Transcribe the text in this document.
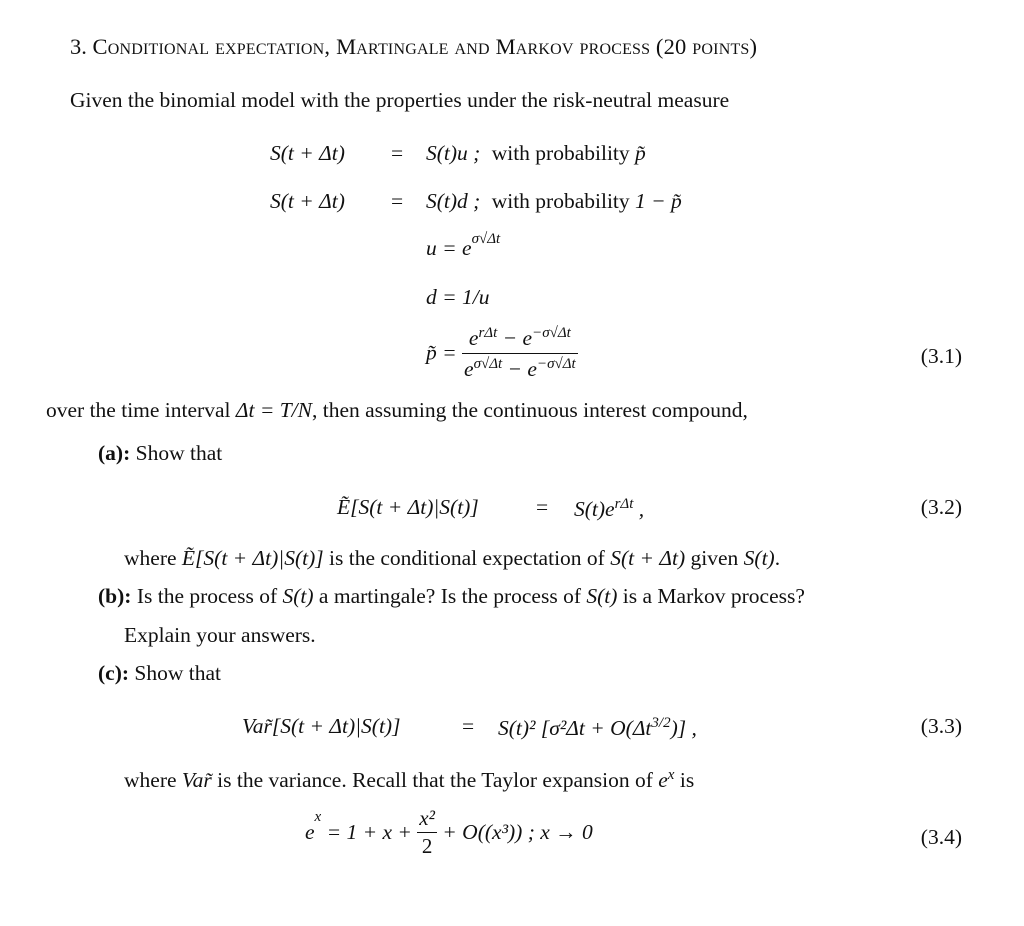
3. Conditional expectation, Martingale and Markov process (20 points)
Given the binomial model with the properties under the risk-neutral measure
S(t + Δt) = S(t)u ; with probability p̃
S(t + Δt) = S(t)d ; with probability 1 − p̃
$u = e^{\sigma√\Delta t}$
d = 1/u
p̃ = $\frac{e^{r\Delta t} - e^{-\sigma√\Delta t}}{e^{\sigma√\Delta t} - e^{-\sigma√\Delta t}}$	(3.1)
over the time interval Δt = T/N, then assuming the continuous interest compound,
(a): Show that
Ẽ[S(t + Δt)|S(t)]	= $S(t)e^{r\Delta t}$ ,	(3.2)
where Ẽ[S(t + Δt)|S(t)] is the conditional expectation of S(t + Δt) given S(t).
(b): Is the process of S(t) a martingale? Is the process of S(t) is a Markov process?
Explain your answers.
(c): Show that
Var̃[S(t + Δt)|S(t)]	= S(t)² $[\sigma^2\Delta t + O(\Delta t^{3/2})]$ ,	(3.3)
where Var̃ is the variance. Recall that the Taylor expansion of $e^x$ is
$e^x = 1 + x + \frac{\text{x²}}{2} + O((x^3))$ ; x → 0	(3.4)
